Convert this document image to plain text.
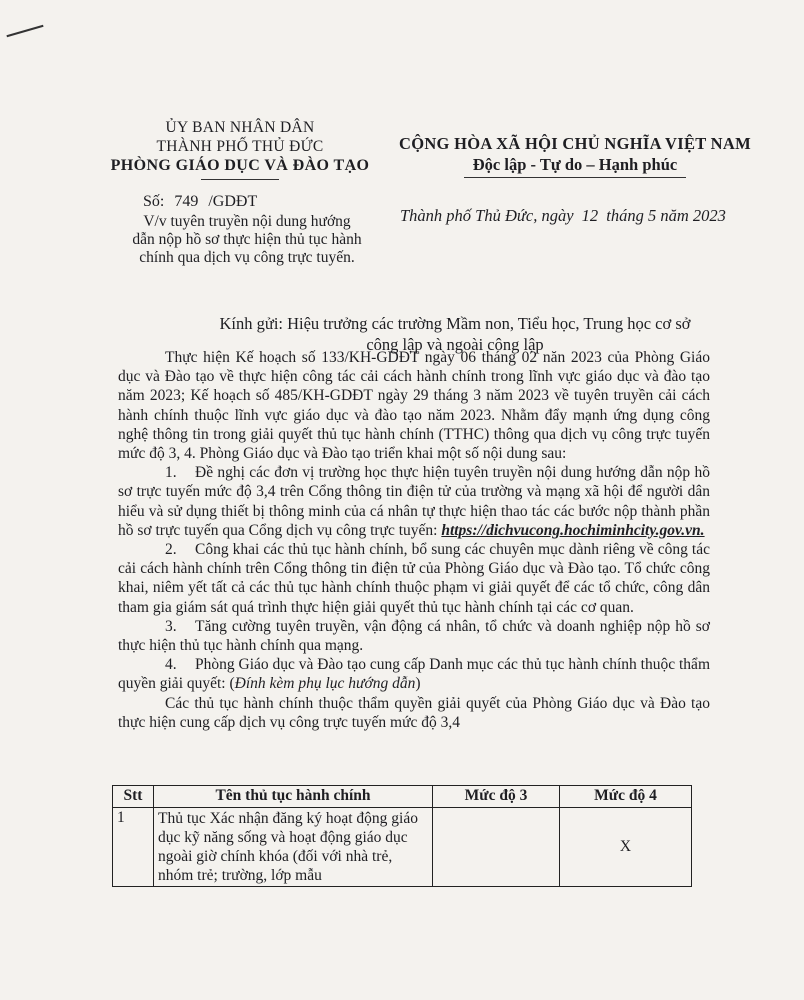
ỦY BAN NHÂN DÂN
THÀNH PHỐ THỦ ĐỨC
PHÒNG GIÁO DỤC VÀ ĐÀO TẠO
CỘNG HÒA XÃ HỘI CHỦ NGHĨA VIỆT NAM
Độc lập - Tự do – Hạnh phúc
Số: 749 /GDĐT
V/v tuyên truyền nội dung hướng
dẫn nộp hồ sơ thực hiện thủ tục hành
chính qua dịch vụ công trực tuyến.
Thành phố Thủ Đức, ngày 12 tháng 5 năm 2023
Kính gửi: Hiệu trưởng các trường Mầm non, Tiểu học, Trung học cơ sở
công lập và ngoài công lập

Thực hiện Kế hoạch số 133/KH-GDĐT ngày 06 tháng 02 năn 2023 của Phòng Giáo dục và Đào tạo về thực hiện công tác cải cách hành chính trong lĩnh vực giáo dục và đào tạo năm 2023; Kế hoạch số 485/KH-GDĐT ngày 29 tháng 3 năm 2023 về tuyên truyền cải cách hành chính thuộc lĩnh vực giáo dục và đào tạo năm 2023. Nhằm đẩy mạnh ứng dụng công nghệ thông tin trong giải quyết thủ tục hành chính (TTHC) thông qua dịch vụ công trực tuyến mức độ 3, 4. Phòng Giáo dục và Đào tạo triển khai một số nội dung sau:

1. Đề nghị các đơn vị trường học thực hiện tuyên truyền nội dung hướng dẫn nộp hồ sơ trực tuyến mức độ 3,4 trên Cổng thông tin điện tử của trường và mạng xã hội để người dân hiểu và sử dụng thiết bị thông minh của cá nhân tự thực hiện thao tác các bước nộp thành phần hồ sơ trực tuyến qua Cổng dịch vụ công trực tuyến: https://dichvucong.hochiminhcity.gov.vn.

2. Công khai các thủ tục hành chính, bổ sung các chuyên mục dành riêng về công tác cải cách hành chính trên Cổng thông tin điện tử của Phòng Giáo dục và Đào tạo. Tổ chức công khai, niêm yết tất cả các thủ tục hành chính thuộc phạm vi giải quyết để các tổ chức, công dân tham gia giám sát quá trình thực hiện giải quyết thủ tục hành chính tại các cơ quan.

3. Tăng cường tuyên truyền, vận động cá nhân, tổ chức và doanh nghiệp nộp hồ sơ thực hiện thủ tục hành chính qua mạng.

4. Phòng Giáo dục và Đào tạo cung cấp Danh mục các thủ tục hành chính thuộc thẩm quyền giải quyết: (Đính kèm phụ lục hướng dẫn)

Các thủ tục hành chính thuộc thẩm quyền giải quyết của Phòng Giáo dục và Đào tạo thực hiện cung cấp dịch vụ công trực tuyến mức độ 3,4

Stt	Tên thủ tục hành chính	Mức độ 3	Mức độ 4
1	Thủ tục Xác nhận đăng ký hoạt động giáo dục kỹ năng sống và hoạt động giáo dục ngoài giờ chính khóa (đối với nhà trẻ, nhóm trẻ; trường, lớp mẫu		X
